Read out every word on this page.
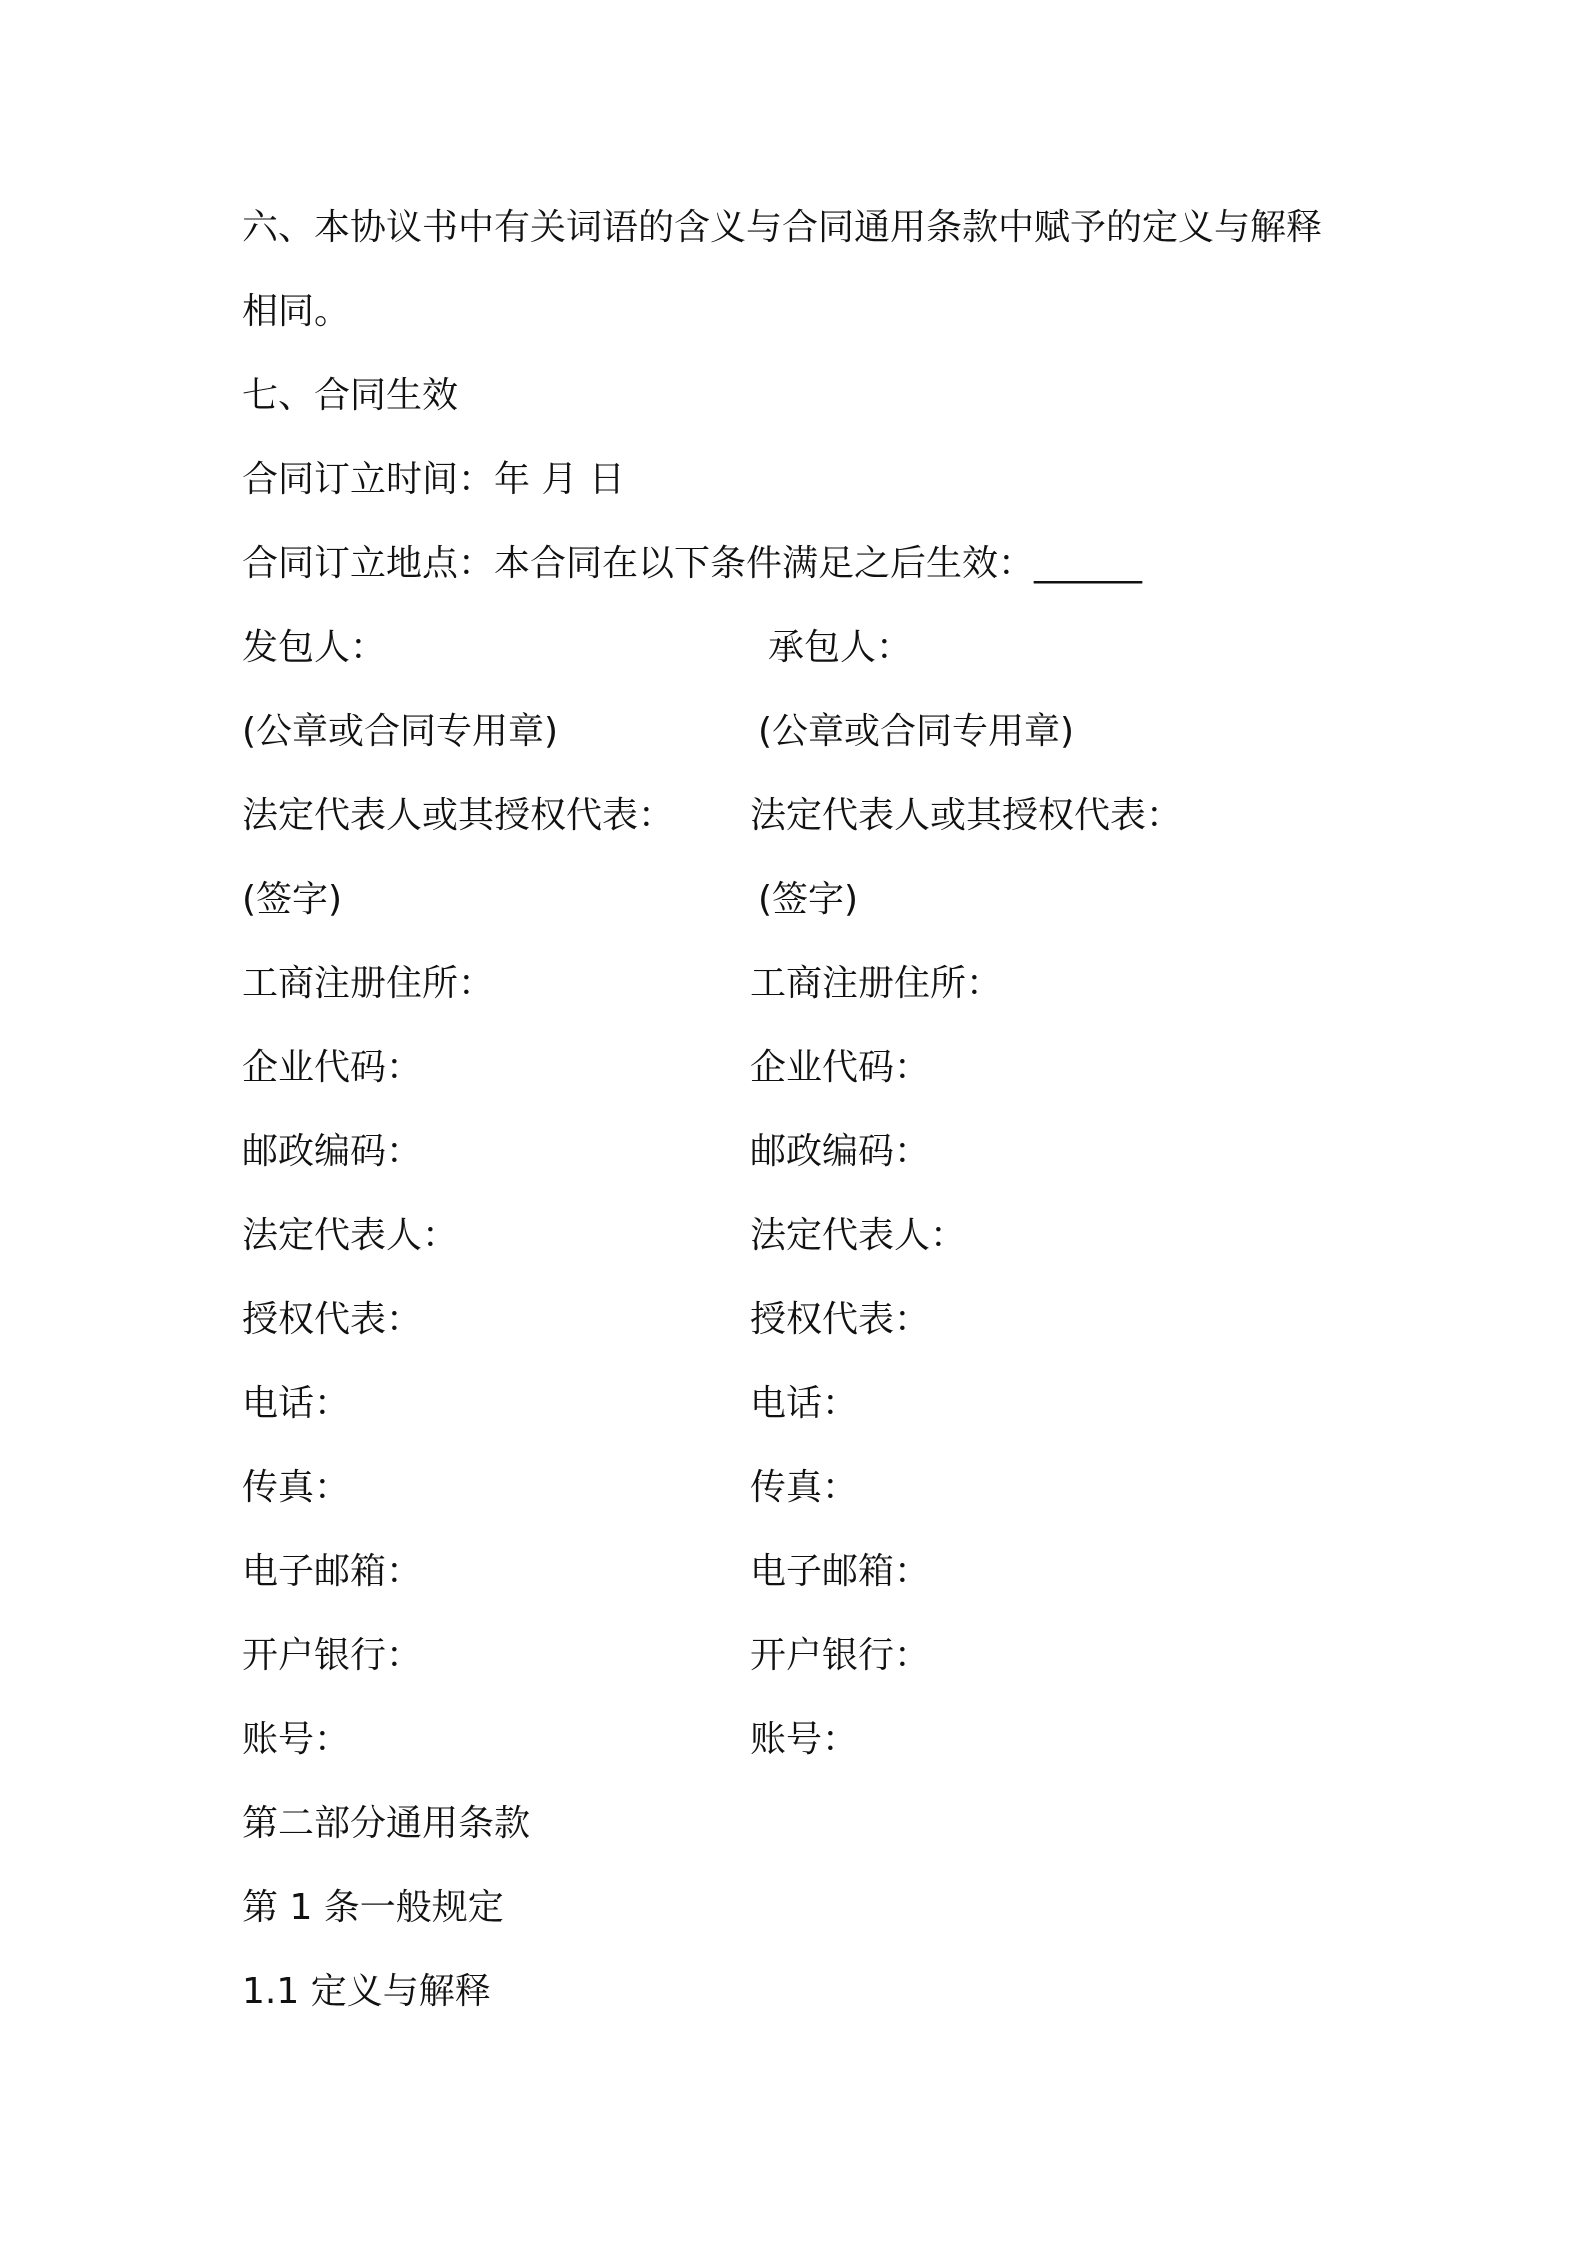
六、本协议书中有关词语的含义与合同通用条款中赋予的定义与解释
相同。
七、合同生效
合同订立时间：年 月 日
合同订立地点：本合同在以下条件满足之后生效：______
发包人：	承包人：
(公章或合同专用章)	(公章或合同专用章)
法定代表人或其授权代表： 法定代表人或其授权代表：
(签字)	(签字)
工商注册住所：	工商注册住所：
企业代码：	企业代码：
邮政编码：	邮政编码：
法定代表人：	法定代表人：
授权代表：	授权代表：
电话：	电话：
传真：	传真：
电子邮箱：	电子邮箱：
开户银行：	开户银行：
账号：	账号：
第二部分通用条款
第 1 条一般规定
1.1 定义与解释
